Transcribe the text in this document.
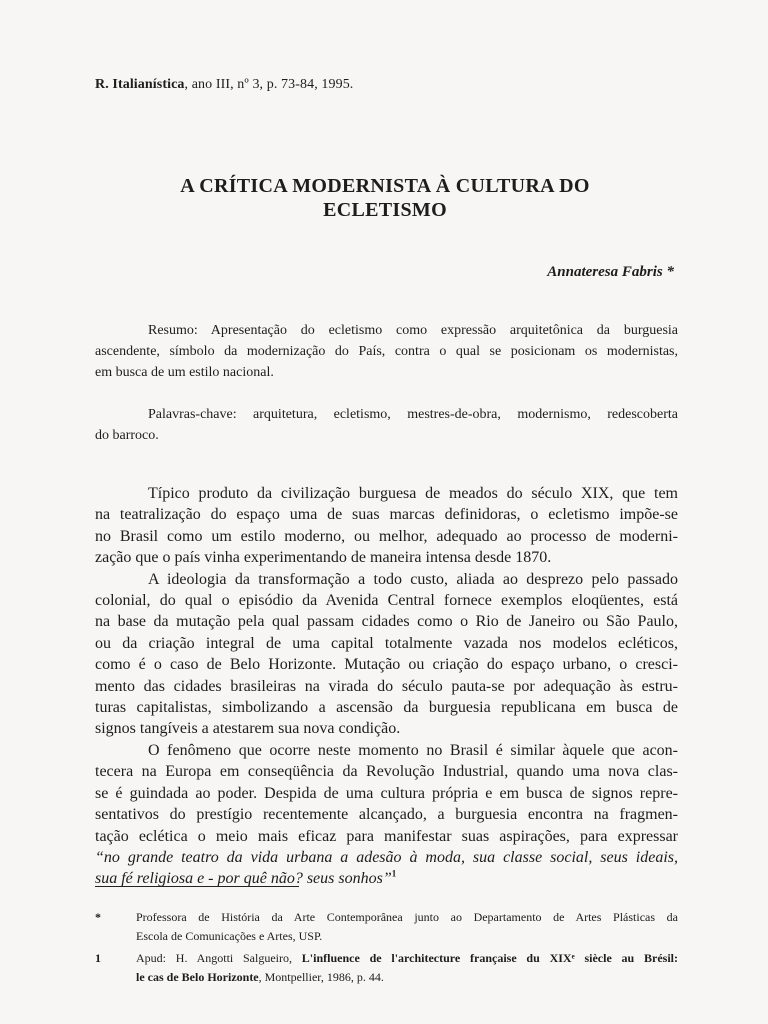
R. Italianística, ano III, nº 3, p. 73-84, 1995.
A CRÍTICA MODERNISTA À CULTURA DO
ECLETISMO
Annateresa Fabris *
Resumo: Apresentação do ecletismo como expressão arquitetônica da burguesia
ascendente, símbolo da modernização do País, contra o qual se posicionam os modernistas,
em busca de um estilo nacional.
Palavras-chave: arquitetura, ecletismo, mestres-de-obra, modernismo, redescoberta
do barroco.
Típico produto da civilização burguesa de meados do século XIX, que tem
na teatralização do espaço uma de suas marcas definidoras, o ecletismo impõe-se
no Brasil como um estilo moderno, ou melhor, adequado ao processo de moderni-
zação que o país vinha experimentando de maneira intensa desde 1870.
A ideologia da transformação a todo custo, aliada ao desprezo pelo passado
colonial, do qual o episódio da Avenida Central fornece exemplos eloqüentes, está
na base da mutação pela qual passam cidades como o Rio de Janeiro ou São Paulo,
ou da criação integral de uma capital totalmente vazada nos modelos ecléticos,
como é o caso de Belo Horizonte. Mutação ou criação do espaço urbano, o cresci-
mento das cidades brasileiras na virada do século pauta-se por adequação às estru-
turas capitalistas, simbolizando a ascensão da burguesia republicana em busca de
signos tangíveis a atestarem sua nova condição.
O fenômeno que ocorre neste momento no Brasil é similar àquele que acon-
tecera na Europa em conseqüência da Revolução Industrial, quando uma nova clas-
se é guindada ao poder. Despida de uma cultura própria e em busca de signos repre-
sentativos do prestígio recentemente alcançado, a burguesia encontra na fragmen-
tação eclética o meio mais eficaz para manifestar suas aspirações, para expressar
“no grande teatro da vida urbana a adesão à moda, sua classe social, seus ideais,
sua fé religiosa e - por quê não? seus sonhos”$^1$
*	Professora de História da Arte Contemporânea junto ao Departamento de Artes Plásticas da
Escola de Comunicações e Artes, USP.
1	Apud: H. Angotti Salgueiro, L'influence de l'architecture française du XIXᵉ siècle au Brésil:
le cas de Belo Horizonte, Montpellier, 1986, p. 44.
